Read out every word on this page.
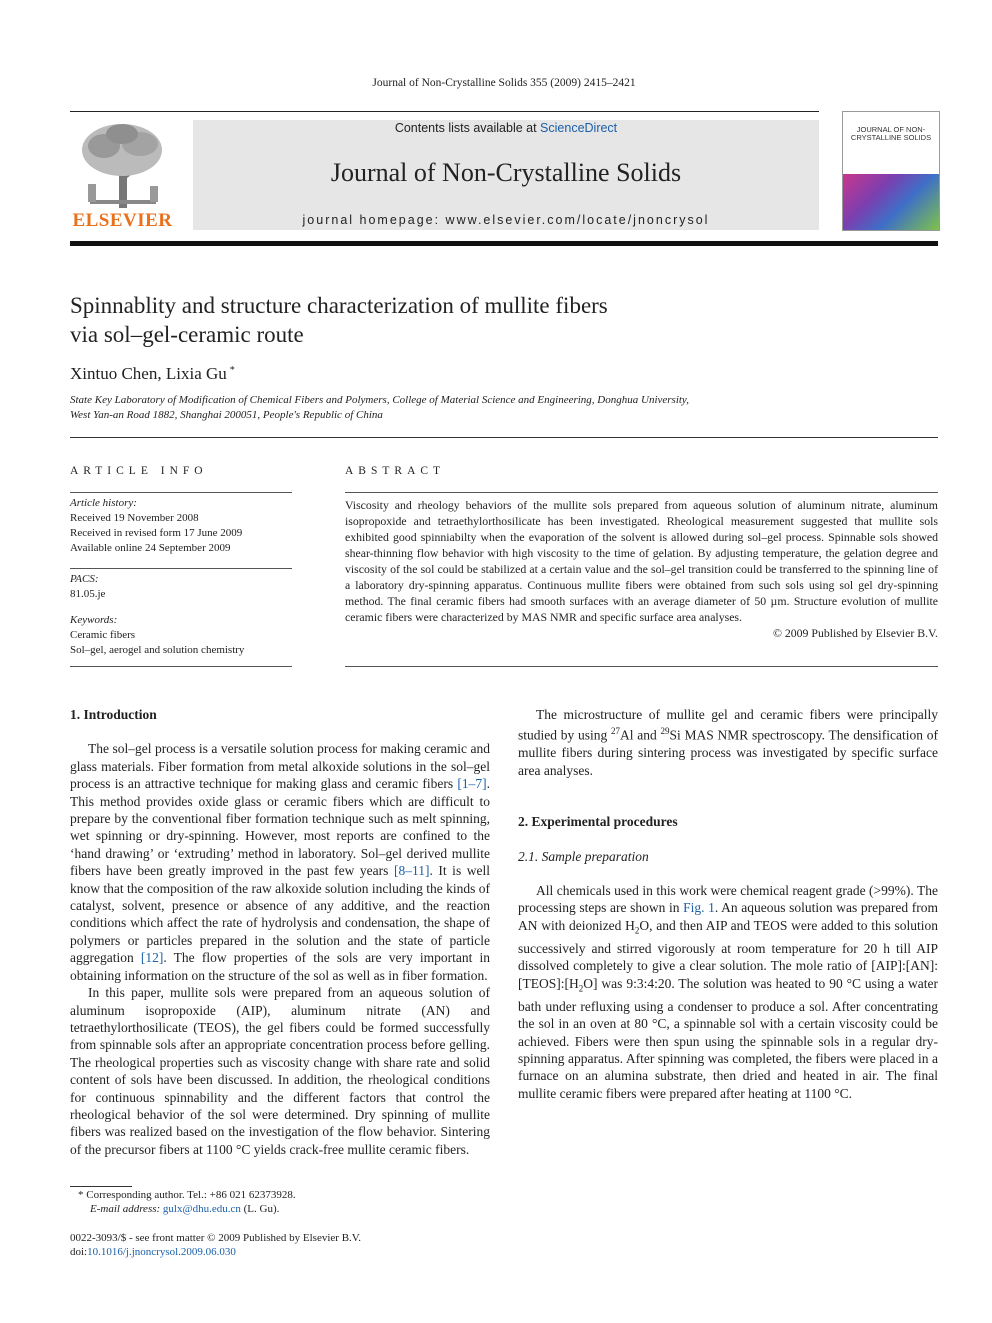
Journal of Non-Crystalline Solids 355 (2009) 2415–2421
ELSEVIER
Contents lists available at ScienceDirect
Journal of Non-Crystalline Solids
journal homepage: www.elsevier.com/locate/jnoncrysol
JOURNAL OF NON-CRYSTALLINE SOLIDS
Spinnablity and structure characterization of mullite fibers
via sol–gel-ceramic route
Xintuo Chen, Lixia Gu *
State Key Laboratory of Modification of Chemical Fibers and Polymers, College of Material Science and Engineering, Donghua University,
West Yan-an Road 1882, Shanghai 200051, People's Republic of China
ARTICLE INFO	ABSTRACT
Article history:
Received 19 November 2008
Received in revised form 17 June 2009
Available online 24 September 2009
PACS:
81.05.je
Keywords:
Ceramic fibers
Sol–gel, aerogel and solution chemistry
Viscosity and rheology behaviors of the mullite sols prepared from aqueous solution of aluminum nitrate, aluminum isopropoxide and tetraethylorthosilicate has been investigated. Rheological measurement suggested that mullite sols exhibited good spinniabilty when the evaporation of the solvent is allowed during sol–gel process. Spinnable sols showed shear-thinning flow behavior with high viscosity to the time of gelation. By adjusting temperature, the gelation degree and viscosity of the sol could be stabilized at a certain value and the sol–gel transition could be transferred to the spinning line of a laboratory dry-spinning apparatus. Continuous mullite fibers were obtained from such sols using sol gel dry-spinning method. The final ceramic fibers had smooth surfaces with an average diameter of 50 µm. Structure evolution of mullite ceramic fibers were characterized by MAS NMR and specific surface area analyses.
© 2009 Published by Elsevier B.V.
1. Introduction

The sol–gel process is a versatile solution process for making ceramic and glass materials. Fiber formation from metal alkoxide solutions in the sol–gel process is an attractive technique for making glass and ceramic fibers [1–7]. This method provides oxide glass or ceramic fibers which are difficult to prepare by the conventional fiber formation technique such as melt spinning, wet spinning or dry-spinning. However, most reports are confined to the ‘hand drawing’ or ‘extruding’ method in laboratory. Sol–gel derived mullite fibers have been greatly improved in the past few years [8–11]. It is well know that the composition of the raw alkoxide solution including the kinds of catalyst, solvent, presence or absence of any additive, and the reaction conditions which affect the rate of hydrolysis and condensation, the shape of polymers or particles prepared in the solution and the state of particle aggregation [12]. The flow properties of the sols are very important in obtaining information on the structure of the sol as well as in fiber formation.

In this paper, mullite sols were prepared from an aqueous solution of aluminum isopropoxide (AIP), aluminum nitrate (AN) and tetraethylorthosilicate (TEOS), the gel fibers could be formed successfully from spinnable sols after an appropriate concentration process before gelling. The rheological properties such as viscosity change with share rate and solid content of sols have been discussed. In addition, the rheological conditions for continuous spinnability and the different factors that control the rheological behavior of the sol were determined. Dry spinning of mullite fibers was realized based on the investigation of the flow behavior. Sintering of the precursor fibers at 1100 °C yields crack-free mullite ceramic fibers.

The microstructure of mullite gel and ceramic fibers were principally studied by using $^{27}$Al and $^{29}$Si MAS NMR spectroscopy. The densification of mullite fibers during sintering process was investigated by specific surface area analyses.

2. Experimental procedures
2.1. Sample preparation

All chemicals used in this work were chemical reagent grade (>99%). The processing steps are shown in Fig. 1. An aqueous solution was prepared from AN with deionized $H_2O$, and then AIP and TEOS were added to this solution successively and stirred vigorously at room temperature for 20 h till AIP dissolved completely to give a clear solution. The mole ratio of $[AIP]:[AN]:[TEOS]:[H_2O]$ was 9:3:4:20. The solution was heated to 90 °C using a water bath under refluxing using a condenser to produce a sol. After concentrating the sol in an oven at 80 °C, a spinnable sol with a certain viscosity could be achieved. Fibers were then spun using the spinnable sols in a regular dry-spinning apparatus. After spinning was completed, the fibers were placed in a furnace on an alumina substrate, then dried and heated in air. The final mullite ceramic fibers were prepared after heating at 1100 °C.

* Corresponding author. Tel.: +86 021 62373928.
E-mail address: gulx@dhu.edu.cn (L. Gu).
0022-3093/$ - see front matter © 2009 Published by Elsevier B.V.
doi:10.1016/j.jnoncrysol.2009.06.030
